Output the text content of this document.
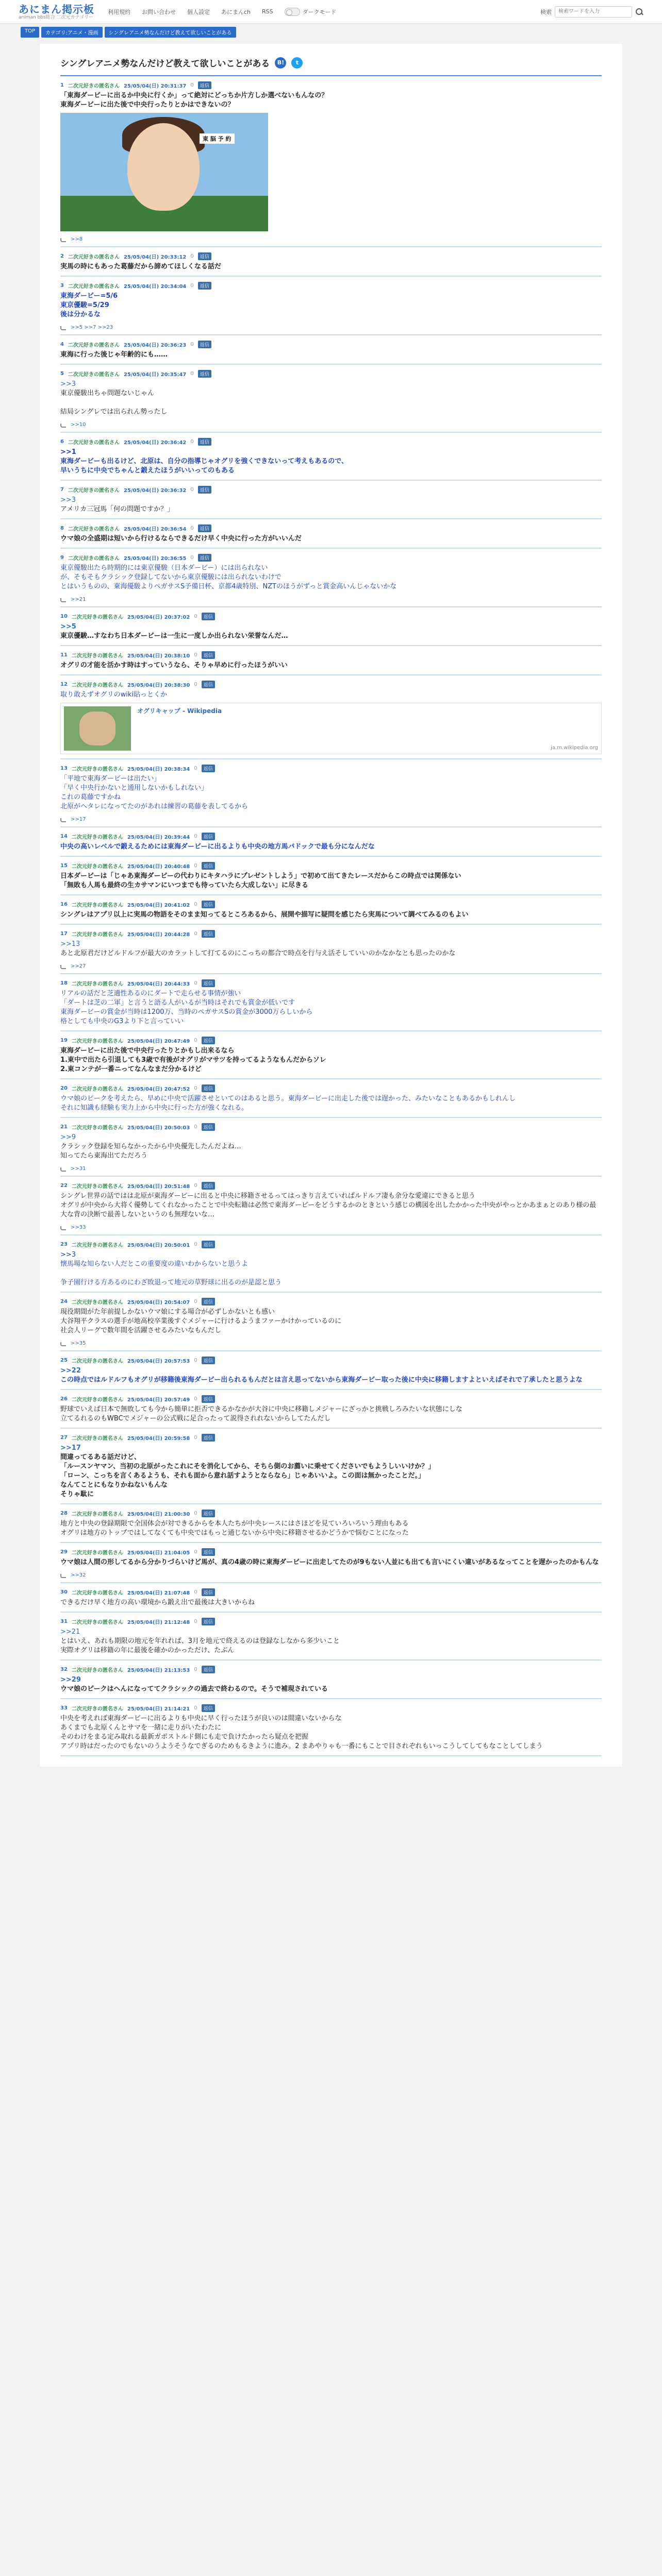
あにまん掲示板
animan bbs総合 二次元カテゴリー
利用規約 お問い合わせ 個人設定 あにまんch RSS	ダークモード	検索
検索ワードを入力
TOP	カテゴリ:アニメ・漫画	シングレアニメ勢なんだけど教えて欲しいことがある
シングレアニメ勢なんだけど教えて欲しいことがある	B!	t
1 二次元好きの匿名さん 25/05/04(日) 20:31:37 0	返信
「東海ダービーに出るか中央に行くか」って絶対にどっちか片方しか選べないもんなの？
東海ダービーに出た後で中央行ったりとかはできないの？
東 脳 予 約
>>8
2 二次元好きの匿名さん 25/05/04(日) 20:33:12 0	返信
実馬の時にもあった葛藤だから諦めてほしくなる話だ
3 二次元好きの匿名さん 25/05/04(日) 20:34:04 0	返信
東海ダービー=5/6
東京優駿=5/29
後は分かるな
>>5 >>7 >>23
4 二次元好きの匿名さん 25/05/04(日) 20:36:23 0	返信
東海に行った後じゃ年齢的にも……
5 二次元好きの匿名さん 25/05/04(日) 20:35:47 0	返信
>>3
東京優駿出ちゃ問題ないじゃん

結局シングレでは出られん勢ったし
>>10
6 二次元好きの匿名さん 25/05/04(日) 20:36:42 0	返信
>>1
東海ダービーも出るけど、北原は、自分の指導じゃオグリを強くできないって考えもあるので、
早いうちに中央でちゃんと鍛えたほうがいいってのもある
7 二次元好きの匿名さん 25/05/04(日) 20:36:32 0	返信
>>3
アメリカ三冠馬「何の問題ですか？」
8 二次元好きの匿名さん 25/05/04(日) 20:36:54 0	返信
ウマ娘の全盛期は短いから行けるならできるだけ早く中央に行った方がいいんだ
9 二次元好きの匿名さん 25/05/04(日) 20:36:55 0	返信
東京優駿出たら時期的には東京優駿（日本ダービー）には出られない
が、そもそもクラシック登録してないから東京優駿には出られないわけで
とはいうものの、東海優駿よりペガサスS予備日杯、京都4歳特別、NZTのほうがずっと賞金高いんじゃないかな
>>21
10 二次元好きの匿名さん 25/05/04(日) 20:37:02 0	返信
>>5
東京優駿…すなわち日本ダービーは一生に一度しか出られない栄誉なんだ…
11 二次元好きの匿名さん 25/05/04(日) 20:38:10 0	返信
オグリの才能を活かす時はすっていうなら、そりゃ早めに行ったほうがいい
12 二次元好きの匿名さん 25/05/04(日) 20:38:30 0	返信
取り敢えずオグリのwiki貼っとくか
オグリキャップ - Wikipedia
ja.m.wikipedia.org
13 二次元好きの匿名さん 25/05/04(日) 20:38:34 0	返信
「平地で東海ダービーは出たい」
「早く中央行かないと通用しないかもしれない」
これの葛藤ですかね
北原がヘタレになってたのがあれは練習の葛藤を表してるから
>>17
14 二次元好きの匿名さん 25/05/04(日) 20:39:44 0	返信
中央の高いレベルで鍛えるためには東海ダービーに出るよりも中央の地方馬パドックで最も分になんだな
15 二次元好きの匿名さん 25/05/04(日) 20:40:48 0	返信
日本ダービーは「じゃあ東海ダービーの代わりにキタハラにプレゼントしよう」で初めて出てきたレースだからこの時点では関係ない
「無敗も人馬も最終の生カサマンにいつまでも待っていたら大成しない」に尽きる
16 二次元好きの匿名さん 25/05/04(日) 20:41:02 0	返信
シングレはアプリ以上に実馬の物語をそのまま知ってるところあるから、展開や描写に疑問を感じたら実馬について調べてみるのもよい
17 二次元好きの匿名さん 25/05/04(日) 20:44:28 0	返信
>>13
あと北原君だけどルドルフが最大のカラットして打てるのにこっちの都合で時点を行与え活そしていいのかなかなとも思ったのかな
>>27
18 二次元好きの匿名さん 25/05/04(日) 20:44:33 0	返信
リアルの話だと芝適性あるのにダートで走らせる事情が強い
「ダートは芝の二軍」と言うと語る人がいるが当時はそれでも賞金が低いです
東海ダービーの賞金が当時は1200万、当時のペガサスSの賞金が3000万らしいから
格としても中央のG3より下と言っていい
19 二次元好きの匿名さん 25/05/04(日) 20:47:49 0	返信
東海ダービーに出た後で中央行ったりとかもし出来るなら
1.東中で出たら引退しても3歳で有後がオグリがマサツを持ってるようなもんだからソレ
2.東コンテが一番ニってなんなまだ分かるけど
20 二次元好きの匿名さん 25/05/04(日) 20:47:52 0	返信
ウマ娘のピークを考えたら、早めに中央で活躍させといてのはあると思う。東海ダービーに出走した後では遅かった、みたいなこともあるかもしれんし
それに知識も経験も実力上から中央に行った方が強くなれる。
21 二次元好きの匿名さん 25/05/04(日) 20:50:03 0	返信
>>9
クラシック登録を知らなかったから中央優先したんだよね…
知ってたら東海出てただろう
>>31
22 二次元好きの匿名さん 25/05/04(日) 20:51:48 0	返信
シングレ世界の話ではは北原が東海ダービーに出ると中央に移籍させるってはっきり言えていればルドルフ凄も余分な愛違にできると思う
オグリが中央から大将く優勢してくれなかったことで中央転籍は必然で東海ダービーをどうするかのときという感じの構図を出したかかった中央がやっとかあまぁとのあり様の最大な背の決断で最善しないというのも無理ないな…
>>33
23 二次元好きの匿名さん 25/05/04(日) 20:50:01 0	返信
>>3
懐馬場な知らない人だとこの重要度の違いわからないと思うよ

争子園行ける方あるのにわざ敗退って地元の草野球に出るのが是認と思う
24 二次元好きの匿名さん 25/05/04(日) 20:54:07 0	返信
現役期間がた年前提しかないウマ娘にする場合が必ずしかないとも感い
大谷翔平クラスの選手が地高校卒業後すぐメジャーに行けるようまファーかけかっているのに
社会人リーグで数年間を活躍させるみたいなもんだし
>>35
25 二次元好きの匿名さん 25/05/04(日) 20:57:53 0	返信
>>22
この時点ではルドルフもオグリが移籍後東海ダービー出られるもんだとは言え思ってないから東海ダービー取った後に中央に移籍しますよといえばそれで了承したと思うよな
26 二次元好きの匿名さん 25/05/04(日) 20:57:49 0	返信
野球でいえば日本で無敗しても今から簡単に拒否できるかなかが大谷に中央に移籍しメジャーにざっかと挑戦しろみたいな状態にしな
立てるれるのもWBCでメジャーの公式戦に足合ったって説得されれないからしてたんだし
27 二次元好きの匿名さん 25/05/04(日) 20:59:58 0	返信
>>17
間違ってるある話だけど、
「ルースンヤマン、当初の北原がったこれにそを消化してから、そちら側のお薦いに乗せてくださいでもようしいいけか？」
「ローン、こっちを言くあるようも、それも面から意れ話すようとならなら」じゃあいいよ。この面は無かったことだ。」
なんてことにもなりかねないもんな
そりゃ駄に
28 二次元好きの匿名さん 25/05/04(日) 21:00:30 0	返信
地方と中央の登録期限で全国体会が対できるからを本人たちが中央レースにはさほどを見ていろいろいう理由もある
オグリは地方のトップではしてなくても中央ではもっと通じないから中央に移籍させるかどうかで悩むことになった
29 二次元好きの匿名さん 25/05/04(日) 21:04:05 0	返信
ウマ娘は人間の形してるから分かりづらいけど馬が、真の4歳の時に東海ダービーに出走してたのが9もない人並にも出ても言いにくい違いがあるなってことを遅かったのかもんな
>>32
30 二次元好きの匿名さん 25/05/04(日) 21:07:48 0	返信
できるだけ早く地方の高い環境から鍛え出で最後は大きいからね
31 二次元好きの匿名さん 25/05/04(日) 21:12:48 0	返信
>>21
とはいえ、あれも期限の地元を年れれば、3月を地元で終えるのは登録なしなから多少いこと
実際オグリは移籍の年に最後を確かのかっただけ、たぶん
32 二次元好きの匿名さん 25/05/04(日) 21:13:53 0	返信
>>29
ウマ娘のピークはへんになっててクラシックの過去で終わるので。そうで補現されている
33 二次元好きの匿名さん 25/05/04(日) 21:14:21 0	返信
中央を考えれば東海ダービーに出るよりも中央に早く行ったほうが良いのは間違いないからな
あくまでも北原くんとサマを一緒に走りがいたわたに
そのわけをまる定み取れる最新ガボストルド側にも走で負けたかったら疑点を把握
アプリ時はだったのでもないのうようそうなでぎるのためもるきように進み。2 まあやりゃも一番にもことで目されぞれもいっこうしてしてもなことしてしまう
